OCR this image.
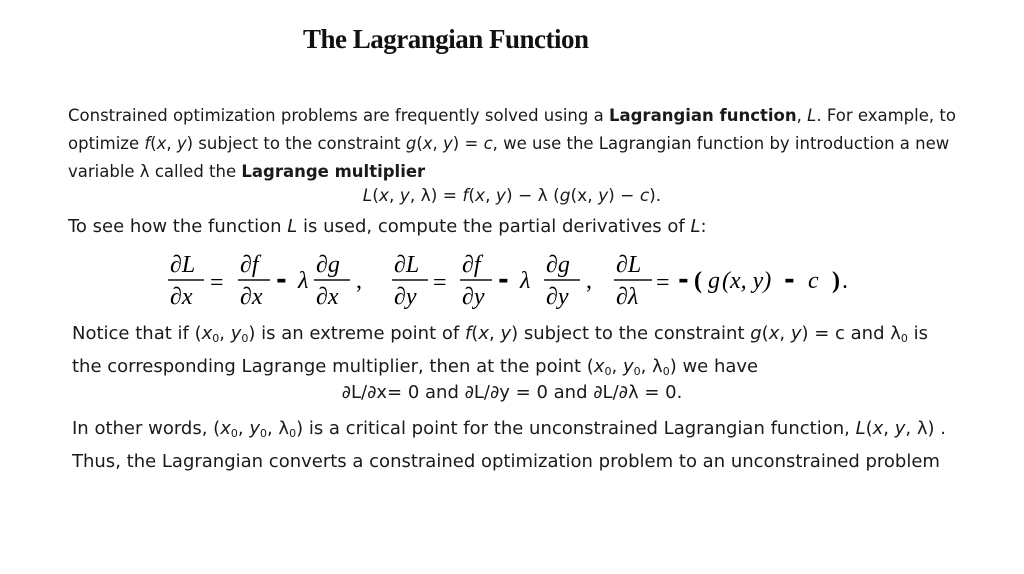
The Lagrangian Function
Constrained optimization problems are frequently solved using a Lagrangian function, L. For example, to optimize f(x, y) subject to the constraint g(x, y) = c, we use the Lagrangian function by introduction a new variable λ called the Lagrange multiplier
L(x, y, λ) = f(x, y) − λ (g(x, y) − c).
To see how the function L is used, compute the partial derivatives of L:
∂L
∂x
=
∂f
∂x
- λ
∂g
∂x
,
∂L
∂y
=
∂f
∂y
- λ
∂g
∂y
,
∂L
∂λ
= - ( g (x, y) - c ) .
Notice that if ($x_0$, $y_0$) is an extreme point of f(x, y) subject to the constraint g(x, y) = c and $\lambda_0$ is the corresponding Lagrange multiplier, then at the point ($x_0$, $y_0$, $\lambda_0$) we have
∂L/∂x= 0 and ∂L/∂y = 0 and ∂L/∂λ = 0.
In other words, ($x_0$, $y_0$, $\lambda_0$) is a critical point for the unconstrained Lagrangian function, L(x, y, λ) . Thus, the Lagrangian converts a constrained optimization problem to an unconstrained problem
